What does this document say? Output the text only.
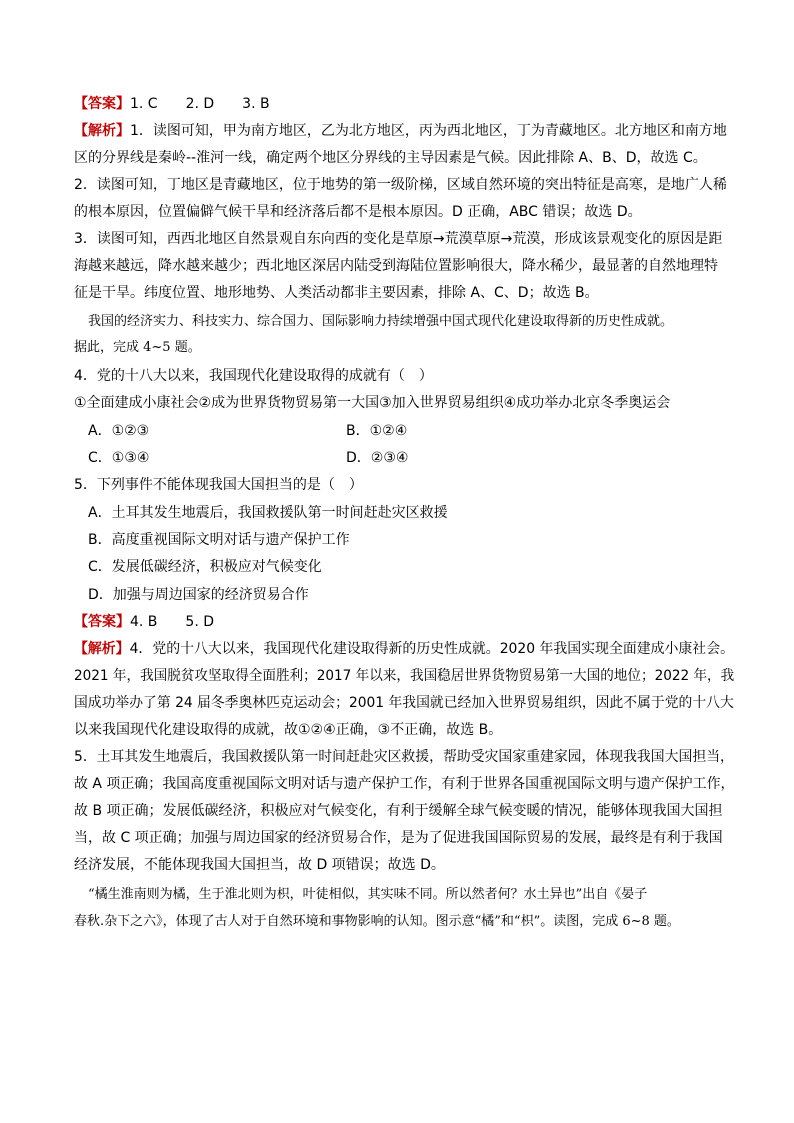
【答案】1. C　　2. D　　3. B
【解析】1．读图可知，甲为南方地区，乙为北方地区，丙为西北地区，丁为青藏地区。北方地区和南方地
区的分界线是秦岭--淮河一线，确定两个地区分界线的主导因素是气候。因此排除 A、B、D，故选 C。
2．读图可知，丁地区是青藏地区，位于地势的第一级阶梯，区域自然环境的突出特征是高寒，是地广人稀
的根本原因，位置偏僻气候干旱和经济落后都不是根本原因。D 正确，ABC 错误；故选 D。
3．读图可知，西西北地区自然景观自东向西的变化是草原→荒漠草原→荒漠，形成该景观变化的原因是距
海越来越远，降水越来越少；西北地区深居内陆受到海陆位置影响很大，降水稀少，最显著的自然地理特
征是干旱。纬度位置、地形地势、人类活动都非主要因素，排除 A、C、D；故选 B。
我国的经济实力、科技实力、综合国力、国际影响力持续增强中国式现代化建设取得新的历史性成就。
据此，完成 4~5 题。
4．党的十八大以来，我国现代化建设取得的成就有（　）
①全面建成小康社会②成为世界货物贸易第一大国③加入世界贸易组织④成功举办北京冬季奥运会
A．①②③	B．①②④
C．①③④	D．②③④
5．下列事件不能体现我国大国担当的是（　）
A．土耳其发生地震后，我国救援队第一时间赶赴灾区救援
B．高度重视国际文明对话与遗产保护工作
C．发展低碳经济，积极应对气候变化
D．加强与周边国家的经济贸易合作
【答案】4. B　　5. D
【解析】4．党的十八大以来，我国现代化建设取得新的历史性成就。2020 年我国实现全面建成小康社会。
2021 年，我国脱贫攻坚取得全面胜利；2017 年以来，我国稳居世界货物贸易第一大国的地位；2022 年，我
国成功举办了第 24 届冬季奥林匹克运动会；2001 年我国就已经加入世界贸易组织，因此不属于党的十八大
以来我国现代化建设取得的成就，故①②④正确，③不正确，故选 B。
5．土耳其发生地震后，我国救援队第一时间赶赴灾区救援，帮助受灾国家重建家园，体现我我国大国担当，
故 A 项正确；我国高度重视国际文明对话与遗产保护工作，有利于世界各国重视国际文明与遗产保护工作，
故 B 项正确；发展低碳经济，积极应对气候变化，有利于缓解全球气候变暖的情况，能够体现我国大国担
当，故 C 项正确；加强与周边国家的经济贸易合作，是为了促进我国国际贸易的发展，最终是有利于我国
经济发展，不能体现我国大国担当，故 D 项错误；故选 D。
“橘生淮南则为橘，生于淮北则为枳，叶徒相似，其实味不同。所以然者何？水土异也”出自《晏子
春秋.杂下之六》，体现了古人对于自然环境和事物影响的认知。图示意“橘”和“枳”。读图，完成 6~8 题。
